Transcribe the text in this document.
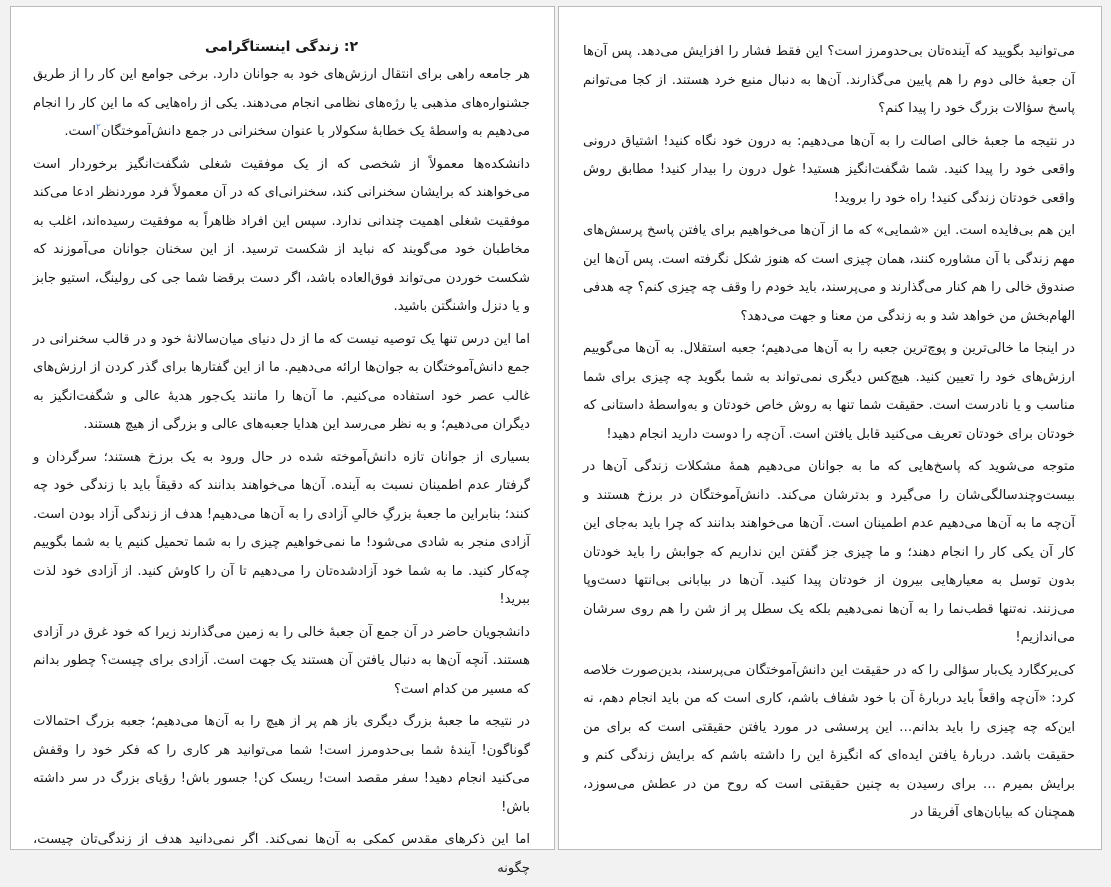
۲: زندگی اینستاگرامی

هر جامعه راهی برای انتقال ارزش‌های خود به جوانان دارد. برخی جوامع این کار را از طریق جشنواره‌های مذهبی یا رژه‌های نظامی انجام می‌دهند. یکی از راه‌هایی که ما این کار را انجام می‌دهیم به واسطهٔ یک خطابهٔ سکولار با عنوان سخنرانی در جمع دانش‌آموختگان$^۲$است.

دانشکده‌ها معمولاً از شخصی که از یک موفقیت شغلی شگفت‌انگیز برخوردار است می‌خواهند که برایشان سخنرانی کند، سخنرانی‌ای که در آن معمولاً فرد موردنظر ادعا می‌کند موفقیت شغلی اهمیت چندانی ندارد. سپس این افراد ظاهراً به موفقیت رسیده‌اند، اغلب به مخاطبان خود می‌گویند که نباید از شکست ترسید. از این سخنان جوانان می‌آموزند که شکست خوردن می‌تواند فوق‌العاده باشد، اگر دست برقضا شما جی کی رولینگ، استیو جابز و یا دنزل واشنگتن باشید.

اما این درس تنها یک توصیه نیست که ما از دل دنیای میان‌سالانهٔ خود و در قالب سخنرانی در جمع دانش‌آموختگان به جوان‌ها ارائه می‌دهیم. ما از این گفتارها برای گذر کردن از ارزش‌های غالب عصر خود استفاده می‌کنیم. ما آن‌ها را مانند یک‌جور هدیهٔ عالی و شگفت‌انگیز به دیگران می‌دهیم؛ و به نظر می‌رسد این هدایا جعبه‌های عالی و بزرگی از هیچ هستند.

بسیاری از جوانان تازه دانش‌آموخته شده در حال ورود به یک برزخ هستند؛ سرگردان و گرفتار عدم اطمینان نسبت به آینده. آن‌ها می‌خواهند بدانند که دقیقاً باید با زندگی خود چه کنند؛ بنابراین ما جعبهٔ بزرگِ خالیِ آزادی را به آن‌ها می‌دهیم! هدف از زندگی آزاد بودن است. آزادی منجر به شادی می‌شود! ما نمی‌خواهیم چیزی را به شما تحمیل کنیم یا به شما بگوییم چه‌کار کنید. ما به شما خود آزادشده‌تان را می‌دهیم تا آن را کاوش کنید. از آزادی خود لذت ببرید!

دانشجویان حاضر در آن جمع آن جعبهٔ خالی را به زمین می‌گذارند زیرا که خود غرق در آزادی هستند. آنچه آن‌ها به دنبال یافتن آن هستند یک جهت است. آزادی برای چیست؟ چطور بدانم که مسیر من کدام است؟

در نتیجه ما جعبهٔ بزرگ دیگری باز هم پر از هیچ را به آن‌ها می‌دهیم؛ جعبه بزرگ احتمالات گوناگون! آیندهٔ شما بی‌حدومرز است! شما می‌توانید هر کاری را که فکر خود را وقفش می‌کنید انجام دهید! سفر مقصد است! ریسک کن! جسور باش! رؤیای بزرگ در سر داشته باش!

اما این ذکرهای مقدس کمکی به آن‌ها نمی‌کند. اگر نمی‌دانید هدف از زندگی‌تان چیست، چگونه

می‌توانید بگویید که آینده‌تان بی‌حدومرز است؟ این فقط فشار را افزایش می‌دهد. پس آن‌ها آن جعبهٔ خالی دوم را هم پایین می‌گذارند. آن‌ها به دنبال منبع خرد هستند. از کجا می‌توانم پاسخ سؤالات بزرگ خود را پیدا کنم؟

در نتیجه ما جعبهٔ خالی اصالت را به آن‌ها می‌دهیم: به درون خود نگاه کنید! اشتیاق درونی واقعی خود را پیدا کنید. شما شگفت‌انگیز هستید! غول درون را بیدار کنید! مطابق روش واقعی خودتان زندگی کنید! راه خود را بروید!

این هم بی‌فایده است. این «شمایی» که ما از آن‌ها می‌خواهیم برای یافتن پاسخ پرسش‌های مهم زندگی با آن مشاوره کنند، همان چیزی است که هنوز شکل نگرفته است. پس آن‌ها این صندوق خالی را هم کنار می‌گذارند و می‌پرسند، باید خودم را وقف چه چیزی کنم؟ چه هدفی الهام‌بخش من خواهد شد و به زندگی من معنا و جهت می‌دهد؟

در اینجا ما خالی‌ترین و پوچ‌ترین جعبه را به آن‌ها می‌دهیم؛ جعبه استقلال. به آن‌ها می‌گوییم ارزش‌های خود را تعیین کنید. هیچ‌کس دیگری نمی‌تواند به شما بگوید چه چیزی برای شما مناسب و یا نادرست است. حقیقت شما تنها به روش خاص خودتان و به‌واسطهٔ داستانی که خودتان برای خودتان تعریف می‌کنید قابل یافتن است. آن‌چه را دوست دارید انجام دهید!

متوجه می‌شوید که پاسخ‌هایی که ما به جوانان می‌دهیم همهٔ مشکلات زندگی آن‌ها در بیست‌وچندسالگی‌شان را می‌گیرد و بدترشان می‌کند. دانش‌آموختگان در برزخ هستند و آن‌چه ما به آن‌ها می‌دهیم عدم اطمینان است. آن‌ها می‌خواهند بدانند که چرا باید به‌جای این کار آن یکی کار را انجام دهند؛ و ما چیزی جز گفتن این نداریم که جوابش را باید خودتان بدون توسل به معیارهایی بیرون از خودتان پیدا کنید. آن‌ها در بیابانی بی‌انتها دست‌وپا می‌زنند. نه‌تنها قطب‌نما را به آن‌ها نمی‌دهیم بلکه یک سطل پر از شن را هم روی سرشان می‌اندازیم!

کی‌یرکگارد یک‌بار سؤالی را که در حقیقت این دانش‌آموختگان می‌پرسند، بدین‌صورت خلاصه کرد: «آن‌چه واقعاً باید دربارهٔ آن با خود شفاف باشم، کاری است که من باید انجام دهم، نه این‌که چه چیزی را باید بدانم… این پرسشی در مورد یافتن حقیقتی است که برای من حقیقت باشد. دربارهٔ یافتن ایده‌ای که انگیزهٔ این را داشته باشم که برایش زندگی کنم و برایش بمیرم … برای رسیدن به چنین حقیقتی است که روح من در عطش می‌سوزد، همچنان که بیابان‌های آفریقا در
